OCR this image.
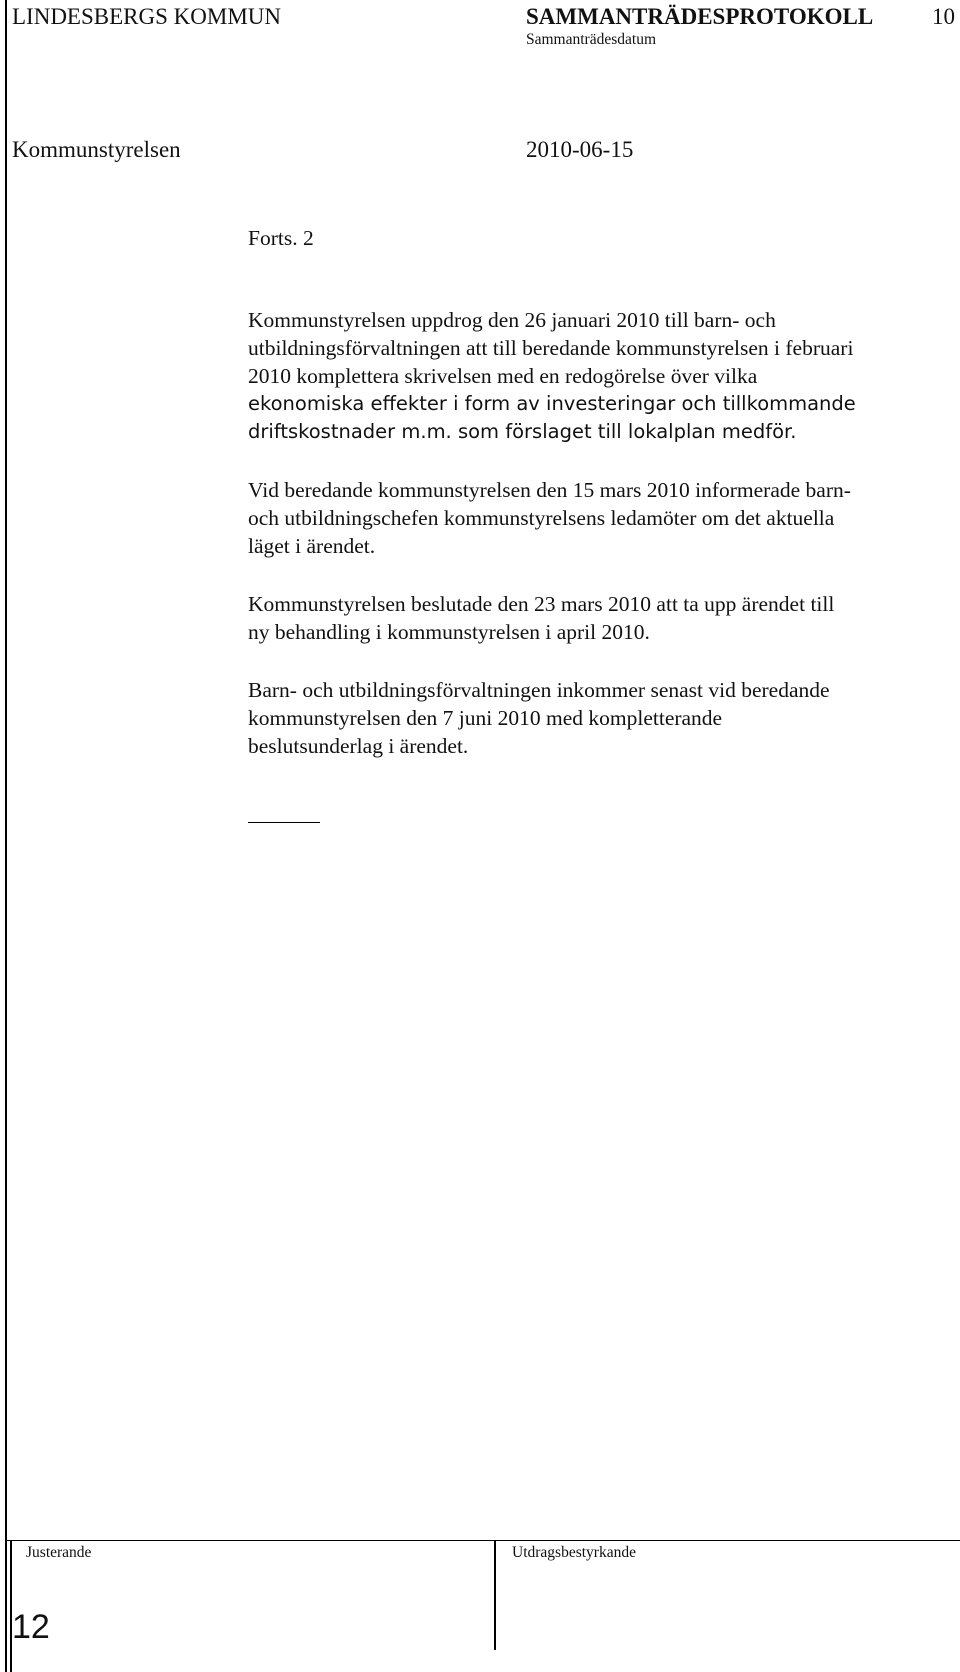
LINDESBERGS KOMMUN	SAMMANTRÄDESPROTOKOLL	10
Sammanträdesdatum
Kommunstyrelsen	2010-06-15
Forts. 2

Kommunstyrelsen uppdrog den 26 januari 2010 till barn- och
utbildningsförvaltningen att till beredande kommunstyrelsen i februari
2010 komplettera skrivelsen med en redogörelse över vilka
ekonomiska effekter i form av investeringar och tillkommande
driftskostnader m.m. som förslaget till lokalplan medför.

Vid beredande kommunstyrelsen den 15 mars 2010 informerade barn-
och utbildningschefen kommunstyrelsens ledamöter om det aktuella
läget i ärendet.

Kommunstyrelsen beslutade den 23 mars 2010 att ta upp ärendet till
ny behandling i kommunstyrelsen i april 2010.

Barn- och utbildningsförvaltningen inkommer senast vid beredande
kommunstyrelsen den 7 juni 2010 med kompletterande
beslutsunderlag i ärendet.

Justerande	Utdragsbestyrkande
12
